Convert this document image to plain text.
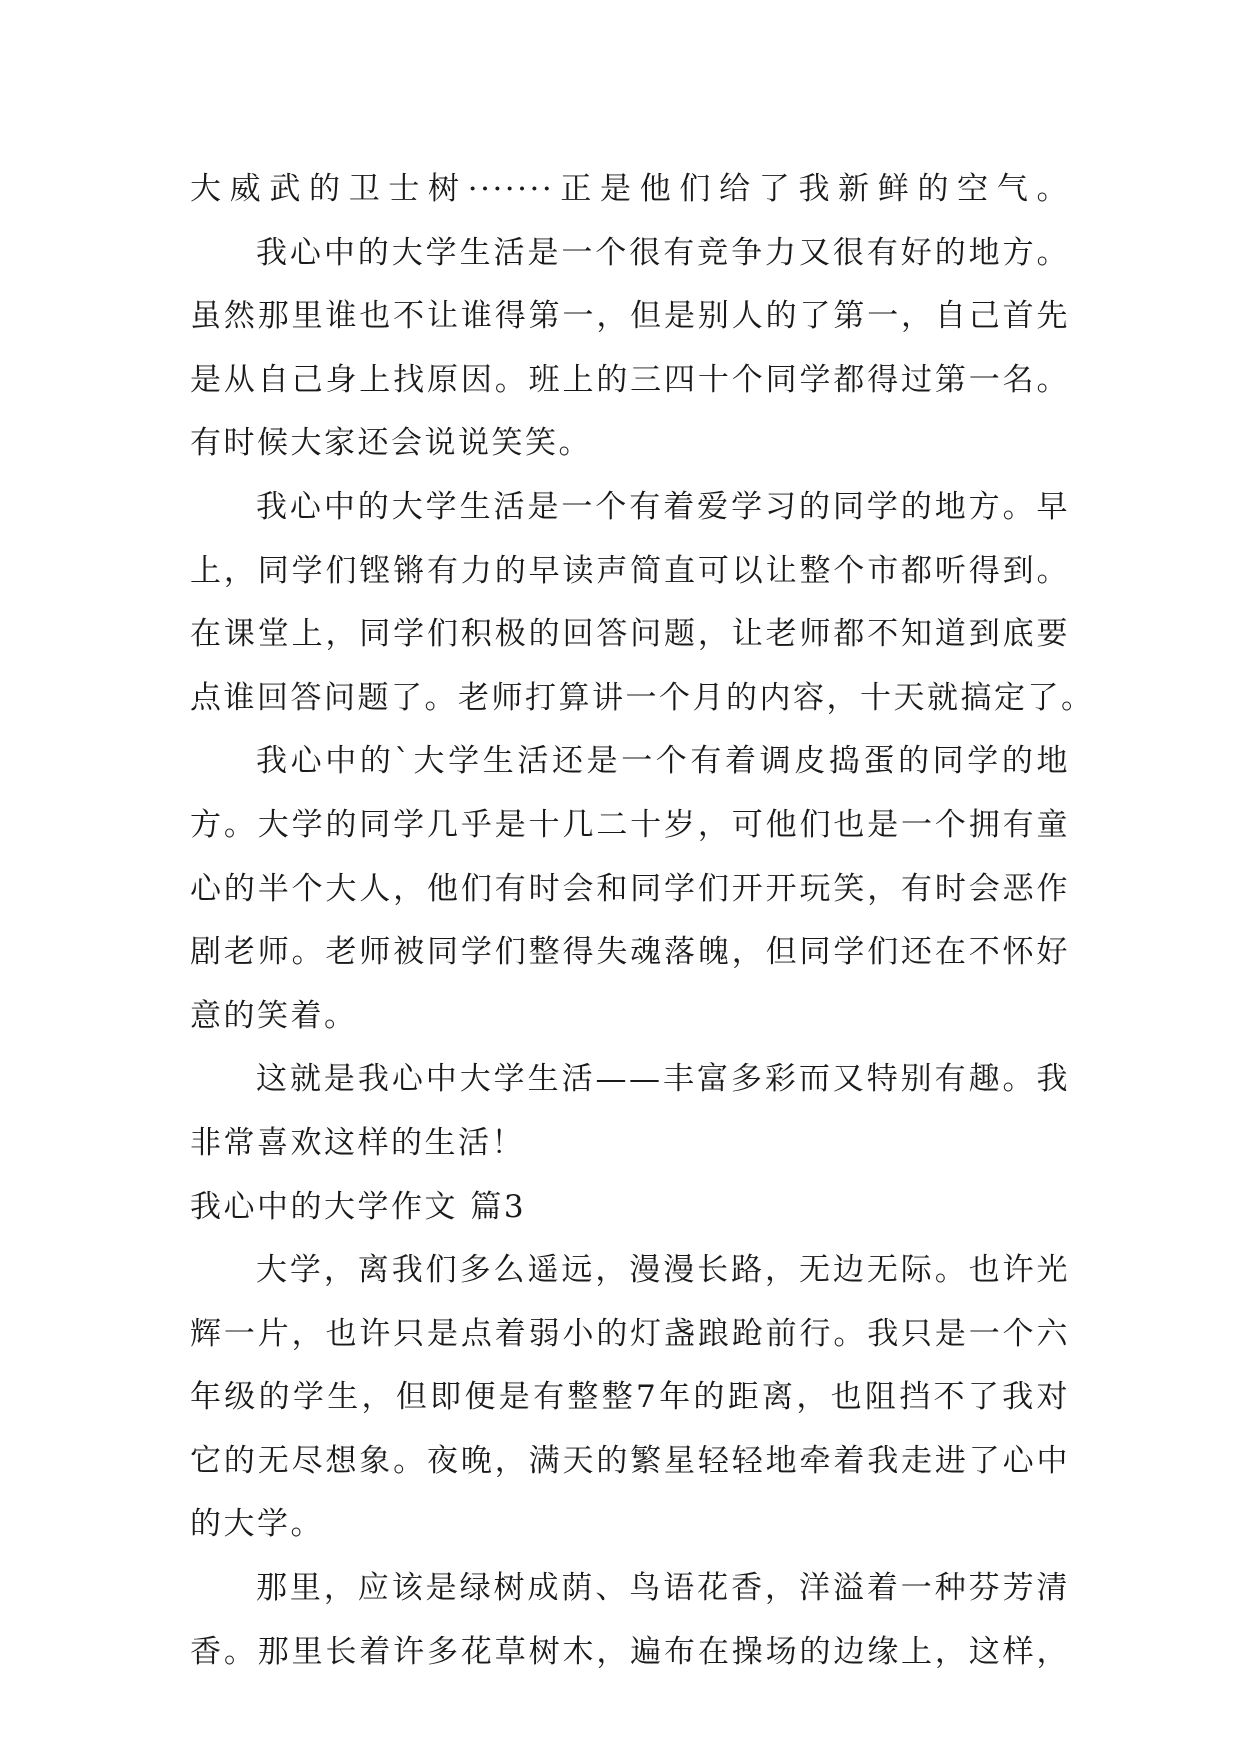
大威武的卫士树·······正是他们给了我新鲜的空气。
我心中的大学生活是一个很有竞争力又很有好的地方。
虽然那里谁也不让谁得第一，但是别人的了第一，自己首先
是从自己身上找原因。班上的三四十个同学都得过第一名。
有时候大家还会说说笑笑。
我心中的大学生活是一个有着爱学习的同学的地方。早
上，同学们铿锵有力的早读声简直可以让整个市都听得到。
在课堂上，同学们积极的回答问题，让老师都不知道到底要
点谁回答问题了。老师打算讲一个月的内容，十天就搞定了。
我心中的`大学生活还是一个有着调皮捣蛋的同学的地
方。大学的同学几乎是十几二十岁，可他们也是一个拥有童
心的半个大人，他们有时会和同学们开开玩笑，有时会恶作
剧老师。老师被同学们整得失魂落魄，但同学们还在不怀好
意的笑着。
这就是我心中大学生活——丰富多彩而又特别有趣。我
非常喜欢这样的生活！
我心中的大学作文 篇3
大学，离我们多么遥远，漫漫长路，无边无际。也许光
辉一片，也许只是点着弱小的灯盏踉跄前行。我只是一个六
年级的学生，但即便是有整整7年的距离，也阻挡不了我对
它的无尽想象。夜晚，满天的繁星轻轻地牵着我走进了心中
的大学。
那里，应该是绿树成荫、鸟语花香，洋溢着一种芬芳清
香。那里长着许多花草树木，遍布在操场的边缘上，这样，
